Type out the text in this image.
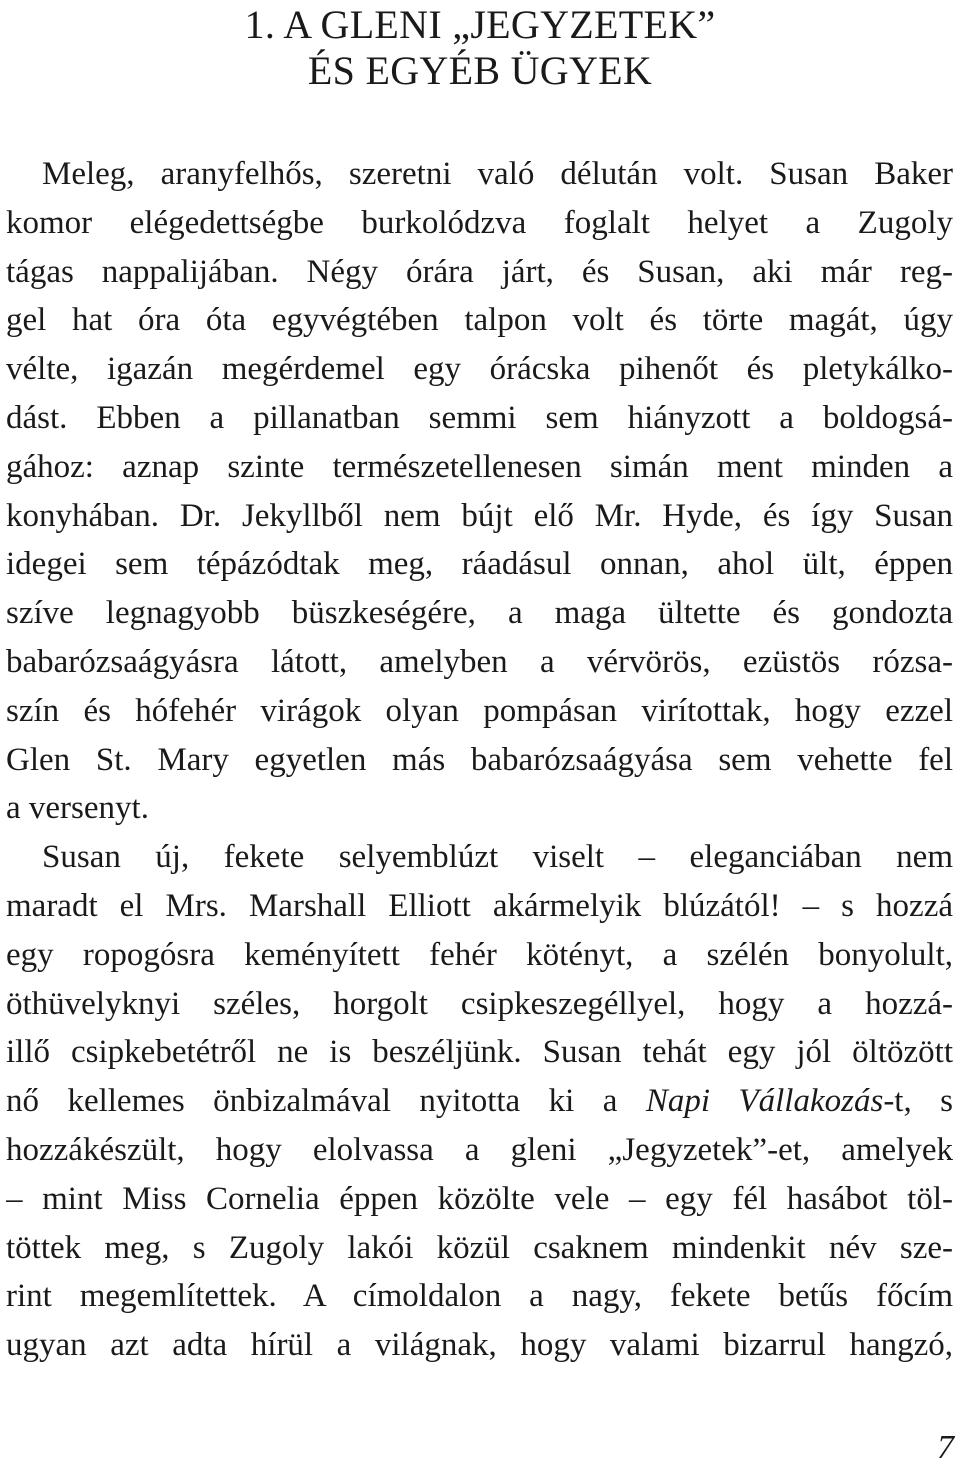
1. A GLENI „JEGYZETEK”
ÉS EGYÉB ÜGYEK
Meleg, aranyfelhős, szeretni való délután volt. Susan Baker
komor elégedettségbe burkolódzva foglalt helyet a Zugoly
tágas nappalijában. Négy órára járt, és Susan, aki már reg-
gel hat óra óta egyvégtében talpon volt és törte magát, úgy
vélte, igazán megérdemel egy órácska pihenőt és pletykálko-
dást. Ebben a pillanatban semmi sem hiányzott a boldogsá-
gához: aznap szinte természetellenesen simán ment minden a
konyhában. Dr. Jekyllből nem bújt elő Mr. Hyde, és így Susan
idegei sem tépázódtak meg, ráadásul onnan, ahol ült, éppen
szíve legnagyobb büszkeségére, a maga ültette és gondozta
babarózsaágyásra látott, amelyben a vérvörös, ezüstös rózsa-
szín és hófehér virágok olyan pompásan virítottak, hogy ezzel
Glen St. Mary egyetlen más babarózsaágyása sem vehette fel
a versenyt.
Susan új, fekete selyemblúzt viselt – eleganciában nem
maradt el Mrs. Marshall Elliott akármelyik blúzától! – s hozzá
egy ropogósra keményített fehér kötényt, a szélén bonyolult,
öthüvelyknyi széles, horgolt csipkeszegéllyel, hogy a hozzá-
illő csipkebetétről ne is beszéljünk. Susan tehát egy jól öltözött
nő kellemes önbizalmával nyitotta ki a Napi Vállakozás-t, s
hozzákészült, hogy elolvassa a gleni „Jegyzetek”-et, amelyek
– mint Miss Cornelia éppen közölte vele – egy fél hasábot töl-
töttek meg, s Zugoly lakói közül csaknem mindenkit név sze-
rint megemlítettek. A címoldalon a nagy, fekete betűs főcím
ugyan azt adta hírül a világnak, hogy valami bizarrul hangzó,
7
